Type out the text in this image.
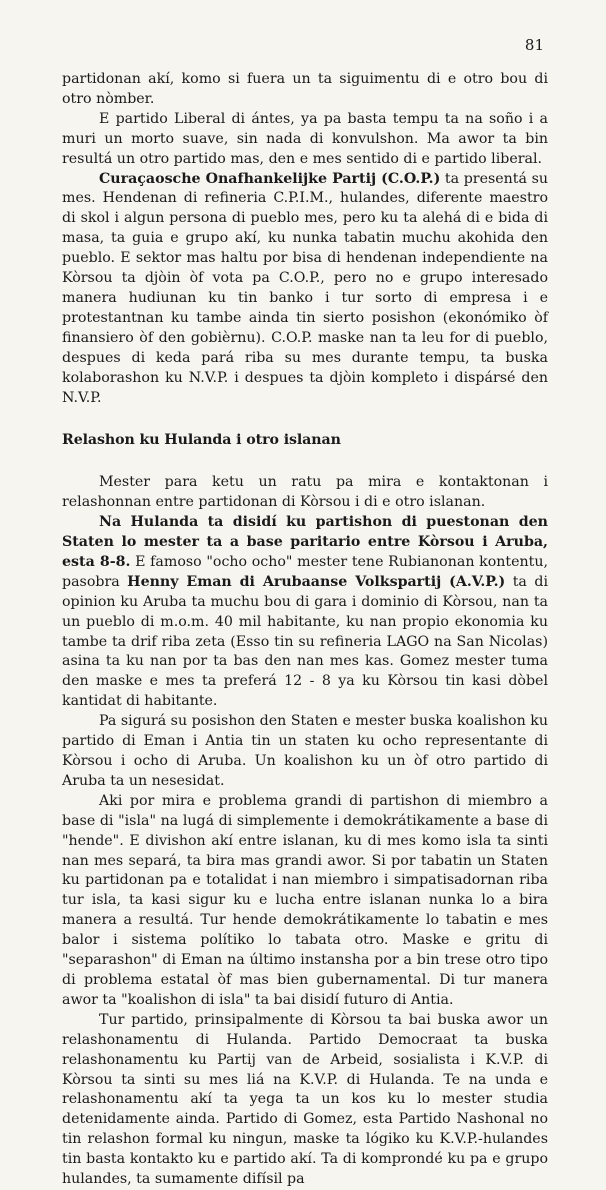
81

partidonan akí, komo si fuera un ta siguimentu di e otro bou di otro nòmber.

E partido Liberal di ántes, ya pa basta tempu ta na soño i a muri un morto suave, sin nada di konvulshon. Ma awor ta bin resultá un otro partido mas, den e mes sentido di e partido liberal.

Curaçaosche Onafhankelijke Partij (C.O.P.) ta presentá su mes. Hendenan di refineria C.P.I.M., hulandes, diferente maestro di skol i algun persona di pueblo mes, pero ku ta alehá di e bida di masa, ta guia e grupo akí, ku nunka tabatin muchu akohida den pueblo. E sektor mas haltu por bisa di hendenan independiente na Kòrsou ta djòin òf vota pa C.O.P., pero no e grupo interesado manera hudiunan ku tin banko i tur sorto di empresa i e protestantnan ku tambe ainda tin sierto posishon (ekonómiko òf finansiero òf den gobièrnu). C.O.P. maske nan ta leu for di pueblo, despues di keda pará riba su mes durante tempu, ta buska kolaborashon ku N.V.P. i despues ta djòin kompleto i dispársé den N.V.P.

Relashon ku Hulanda i otro islanan

Mester para ketu un ratu pa mira e kontaktonan i relashonnan entre partidonan di Kòrsou i di e otro islanan.

Na Hulanda ta disidí ku partishon di puestonan den Staten lo mester ta a base paritario entre Kòrsou i Aruba, esta 8-8. E famoso "ocho ocho" mester tene Rubianonan kontentu, pasobra Henny Eman di Arubaanse Volkspartij (A.V.P.) ta di opinion ku Aruba ta muchu bou di gara i dominio di Kòrsou, nan ta un pueblo di m.o.m. 40 mil habitante, ku nan propio ekonomia ku tambe ta drif riba zeta (Esso tin su refineria LAGO na San Nicolas) asina ta ku nan por ta bas den nan mes kas. Gomez mester tuma den maske e mes ta preferá 12 - 8 ya ku Kòrsou tin kasi dòbel kantidat di habitante.

Pa sigurá su posishon den Staten e mester buska koalishon ku partido di Eman i Antia tin un staten ku ocho representante di Kòrsou i ocho di Aruba. Un koalishon ku un òf otro partido di Aruba ta un nesesidat.

Aki por mira e problema grandi di partishon di miembro a base di "isla" na lugá di simplemente i demokrátikamente a base di "hende". E divishon akí entre islanan, ku di mes komo isla ta sinti nan mes separá, ta bira mas grandi awor. Si por tabatin un Staten ku partidonan pa e totalidat i nan miembro i simpatisadornan riba tur isla, ta kasi sigur ku e lucha entre islanan nunka lo a bira manera a resultá. Tur hende demokrátikamente lo tabatin e mes balor i sistema polítiko lo tabata otro. Maske e gritu di "separashon" di Eman na último instansha por a bin trese otro tipo di problema estatal òf mas bien gubernamental. Di tur manera awor ta "koalishon di isla" ta bai disidí futuro di Antia.

Tur partido, prinsipalmente di Kòrsou ta bai buska awor un relashonamentu di Hulanda. Partido Democraat ta buska relashonamentu ku Partij van de Arbeid, sosialista i K.V.P. di Kòrsou ta sinti su mes liá na K.V.P. di Hulanda. Te na unda e relashonamentu akí ta yega ta un kos ku lo mester studia detenidamente ainda. Partido di Gomez, esta Partido Nashonal no tin relashon formal ku ningun, maske ta lógiko ku K.V.P.-hulandes tin basta kontakto ku e partido akí. Ta di komprondé ku pa e grupo hulandes, ta sumamente difísil pa
